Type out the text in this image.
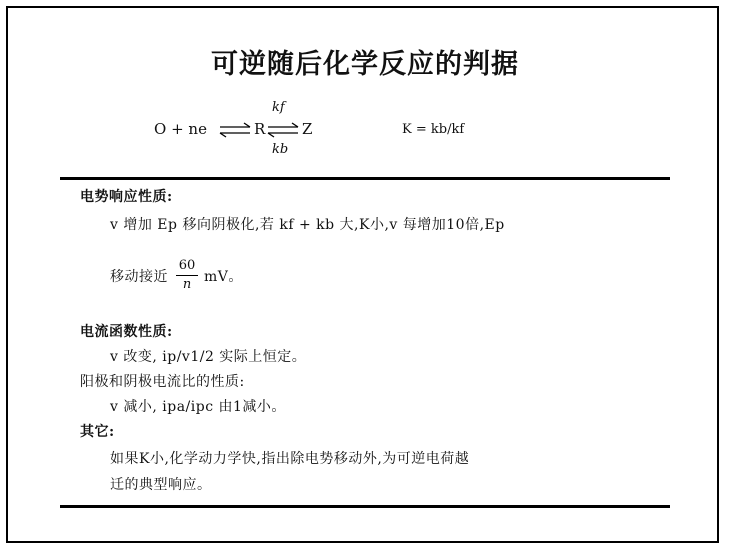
可逆随后化学反应的判据
O + ne ⇌ R
kf
kb
Z	K = kb/kf
电势响应性质:
v 增加 Ep 移向阴极化,若 kf + kb 大,K小,v 每增加10倍,Ep
移动接近
60
n mV。
电流函数性质:
v 改变, ip/v1/2 实际上恒定。
阳极和阴极电流比的性质:
v 减小, ipa/ipc 由1减小。
其它:
如果K小,化学动力学快,指出除电势移动外,为可逆电荷越
迁的典型响应。
